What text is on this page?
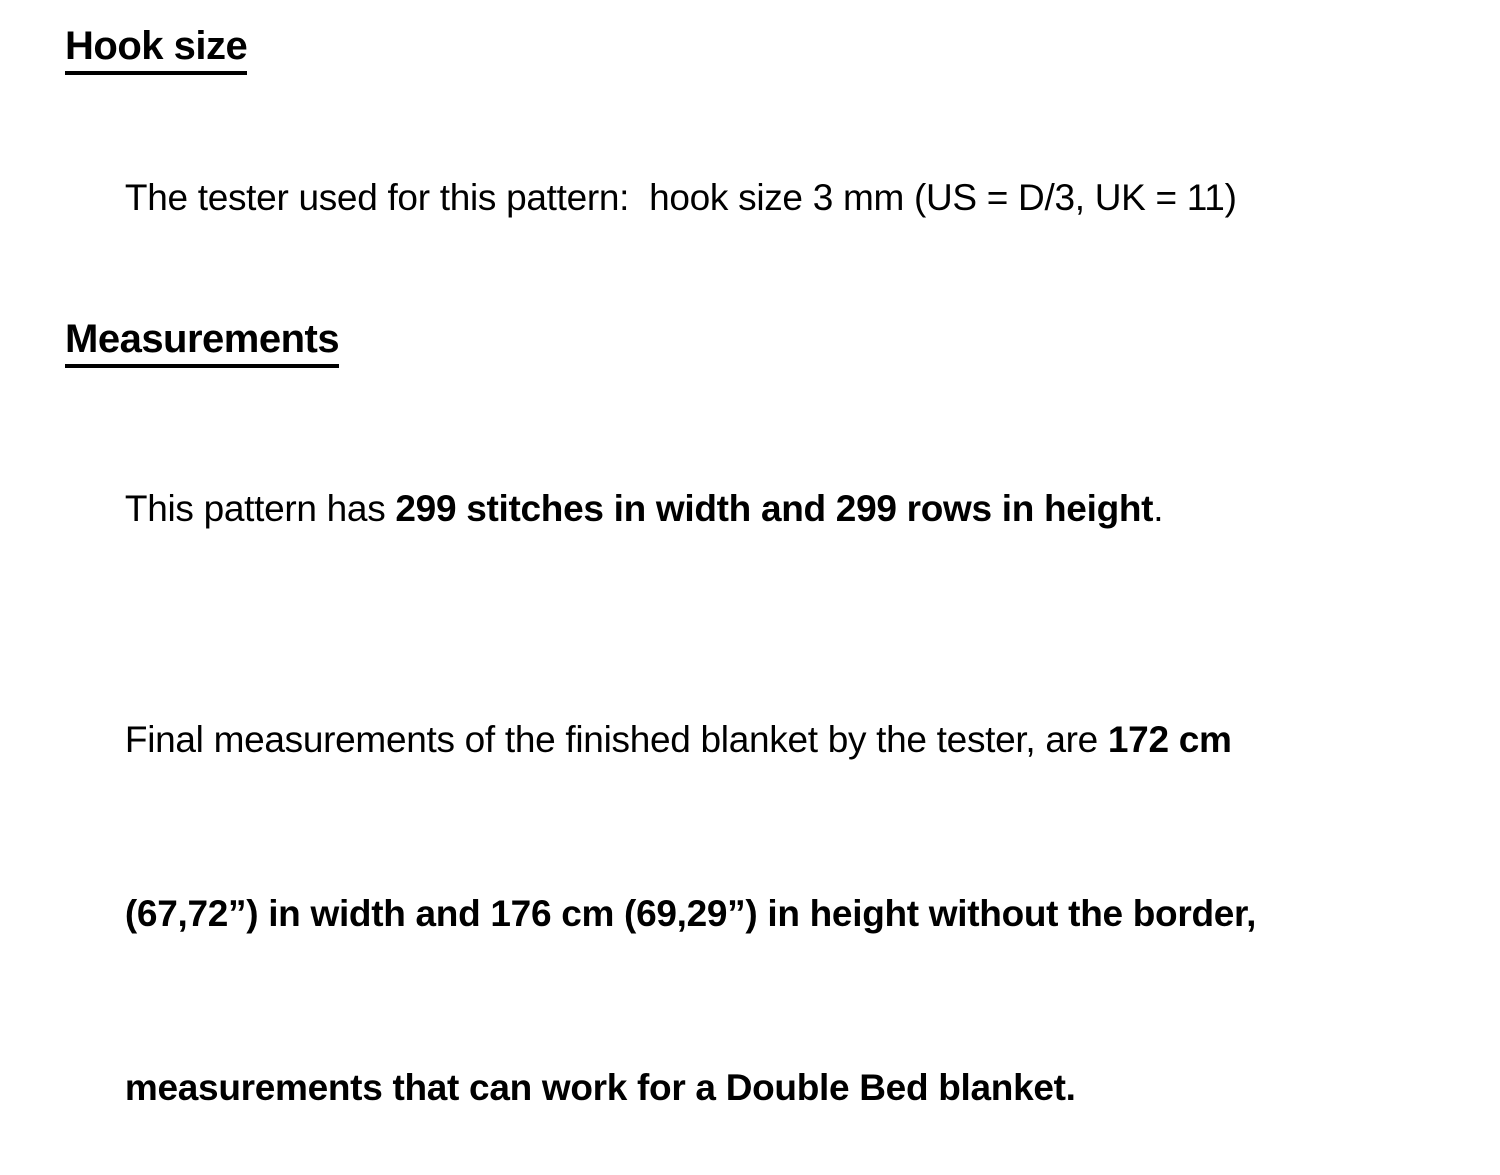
Hook size

The tester used for this pattern:  hook size 3 mm (US = D/3, UK = 11)

Measurements

This pattern has 299 stitches in width and 299 rows in height.

Final measurements of the finished blanket by the tester, are 172 cm

(67,72”) in width and 176 cm (69,29”) in height without the border,

measurements that can work for a Double Bed blanket.
